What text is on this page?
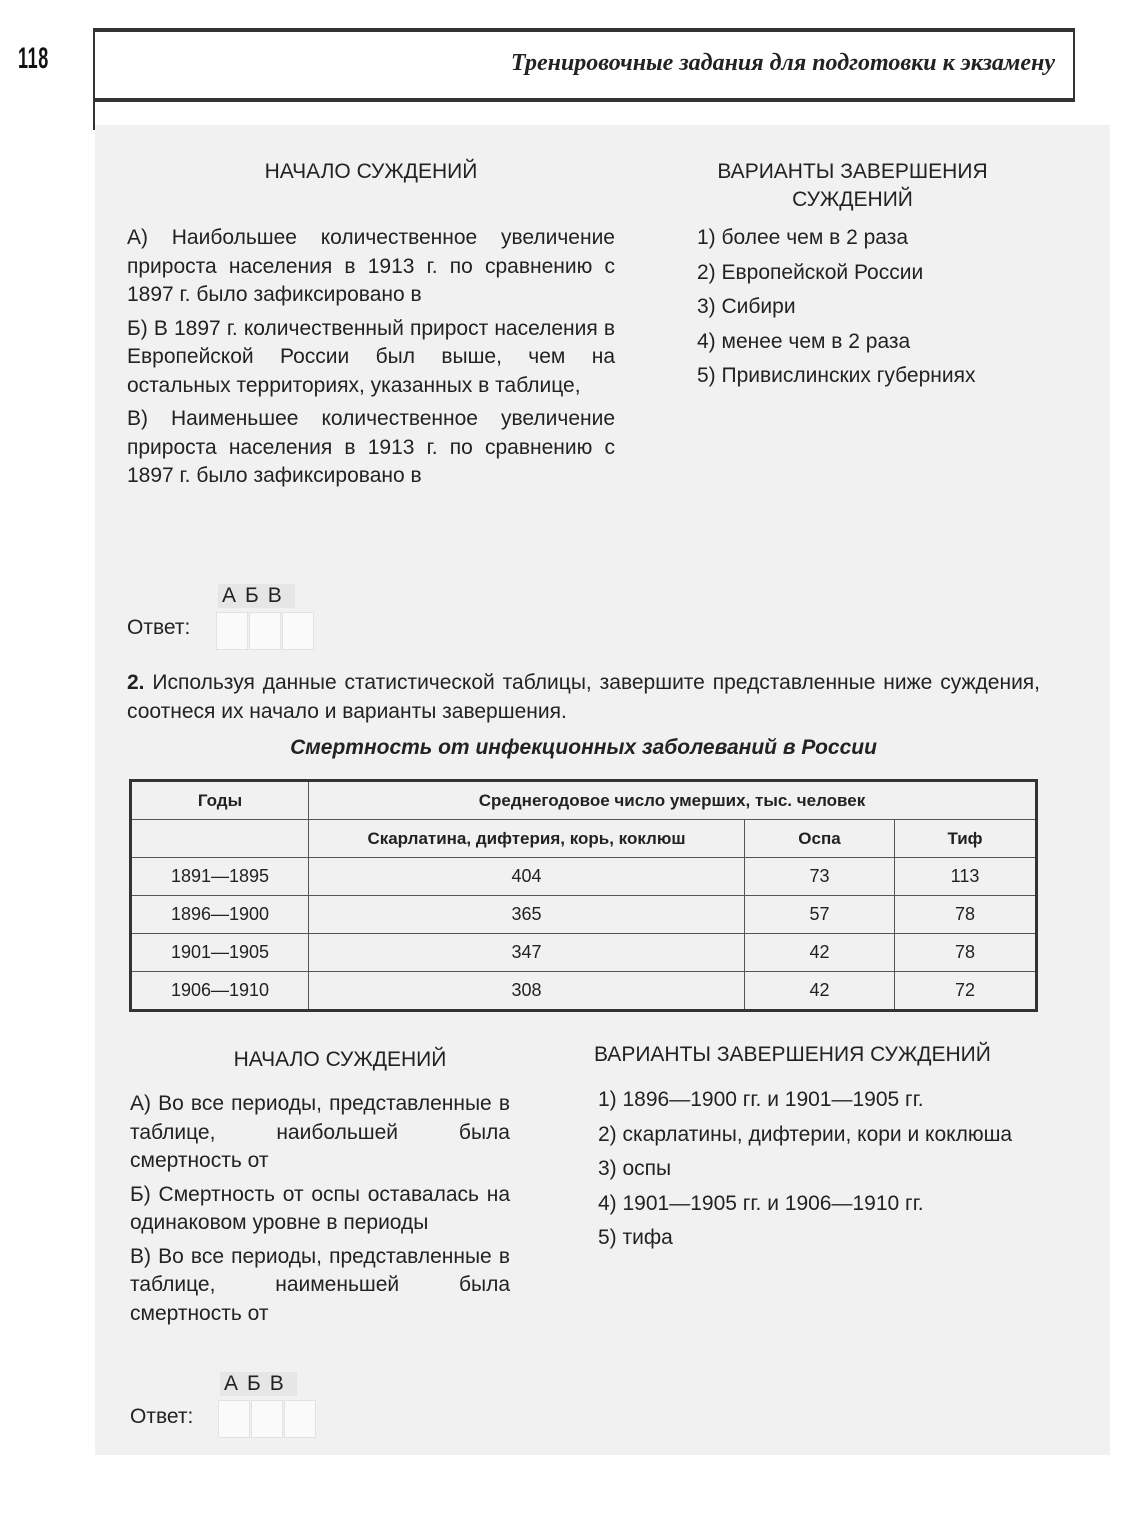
118	Тренировочные задания для подготовки к экзамену
НАЧАЛО СУЖДЕНИЙ
А) Наибольшее количественное увеличение прироста населения в 1913 г. по сравнению с 1897 г. было зафиксировано в
Б) В 1897 г. количественный прирост населения в Европейской России был выше, чем на остальных территориях, указанных в таблице,
В) Наименьшее количественное увеличение прироста населения в 1913 г. по сравнению с 1897 г. было зафиксировано в
ВАРИАНТЫ ЗАВЕРШЕНИЯ СУЖДЕНИЙ
1) более чем в 2 раза
2) Европейской России
3) Сибири
4) менее чем в 2 раза
5) Привислинских губерниях
АБВ
Ответ:
2. Используя данные статистической таблицы, завершите представленные ниже суждения, соотнеся их начало и варианты завершения.
Смертность от инфекционных заболеваний в России
Годы	Среднегодовое число умерших, тыс. человек		
	Скарлатина, дифтерия, корь, коклюш	Оспа	Тиф
1891—1895	404	73	113
1896—1900	365	57	78
1901—1905	347	42	78
1906—1910	308	42	72
НАЧАЛО СУЖДЕНИЙ
А) Во все периоды, представленные в таблице, наибольшей была смертность от
Б) Смертность от оспы оставалась на одинаковом уровне в периоды
В) Во все периоды, представленные в таблице, наименьшей была смертность от
ВАРИАНТЫ ЗАВЕРШЕНИЯ СУЖДЕНИЙ
1) 1896—1900 гг. и 1901—1905 гг.
2) скарлатины, дифтерии, кори и коклюша
3) оспы
4) 1901—1905 гг. и 1906—1910 гг.
5) тифа
АБВ
Ответ:
